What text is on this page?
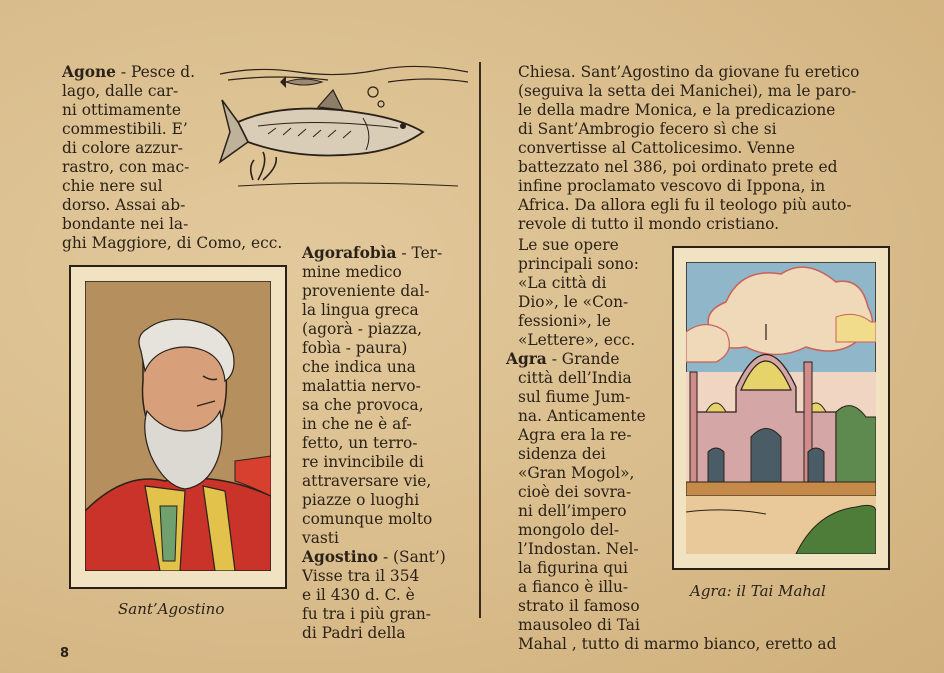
Agone - Pesce d.
lago, dalle car-
ni ottimamente
commestibili. E’
di colore azzur-
rastro, con mac-
chie nere sul
dorso. Assai ab-
bondante nei la-
ghi Maggiore, di Como, ecc.
Sant’Agostino
Agorafobìa - Ter-
mine medico
proveniente dal-
la lingua greca
(agorà - piazza,
fobìa - paura)
che indica una
malattia nervo-
sa che provoca,
in che ne è af-
fetto, un terro-
re invincibile di
attraversare vie,
piazze o luoghi
comunque molto
vasti
Agostino - (Sant’)
Visse tra il 354
e il 430 d. C. è
fu tra i più gran-
di Padri della
8
Chiesa. Sant’Agostino da giovane fu eretico
(seguiva la setta dei Manichei), ma le paro-
le della madre Monica, e la predicazione
di Sant’Ambrogio fecero sì che si
convertisse al Cattolicesimo. Venne
battezzato nel 386, poi ordinato prete ed
infine proclamato vescovo di Ippona, in
Africa. Da allora egli fu il teologo più auto-
revole di tutto il mondo cristiano.
Le sue opere
principali sono:
«La città di
Dio», le «Con-
fessioni», le
«Lettere», ecc.
Agra - Grande
città dell’India
sul fiume Jum-
na. Anticamente
Agra era la re-
sidenza dei
«Gran Mogol»,
cioè dei sovra-
ni dell’impero
mongolo del-
l’Indostan. Nel-
la figurina qui
a fianco è illu-
strato il famoso
mausoleo di Tai
Mahal , tutto di marmo bianco, eretto ad
Agra: il Tai Mahal
